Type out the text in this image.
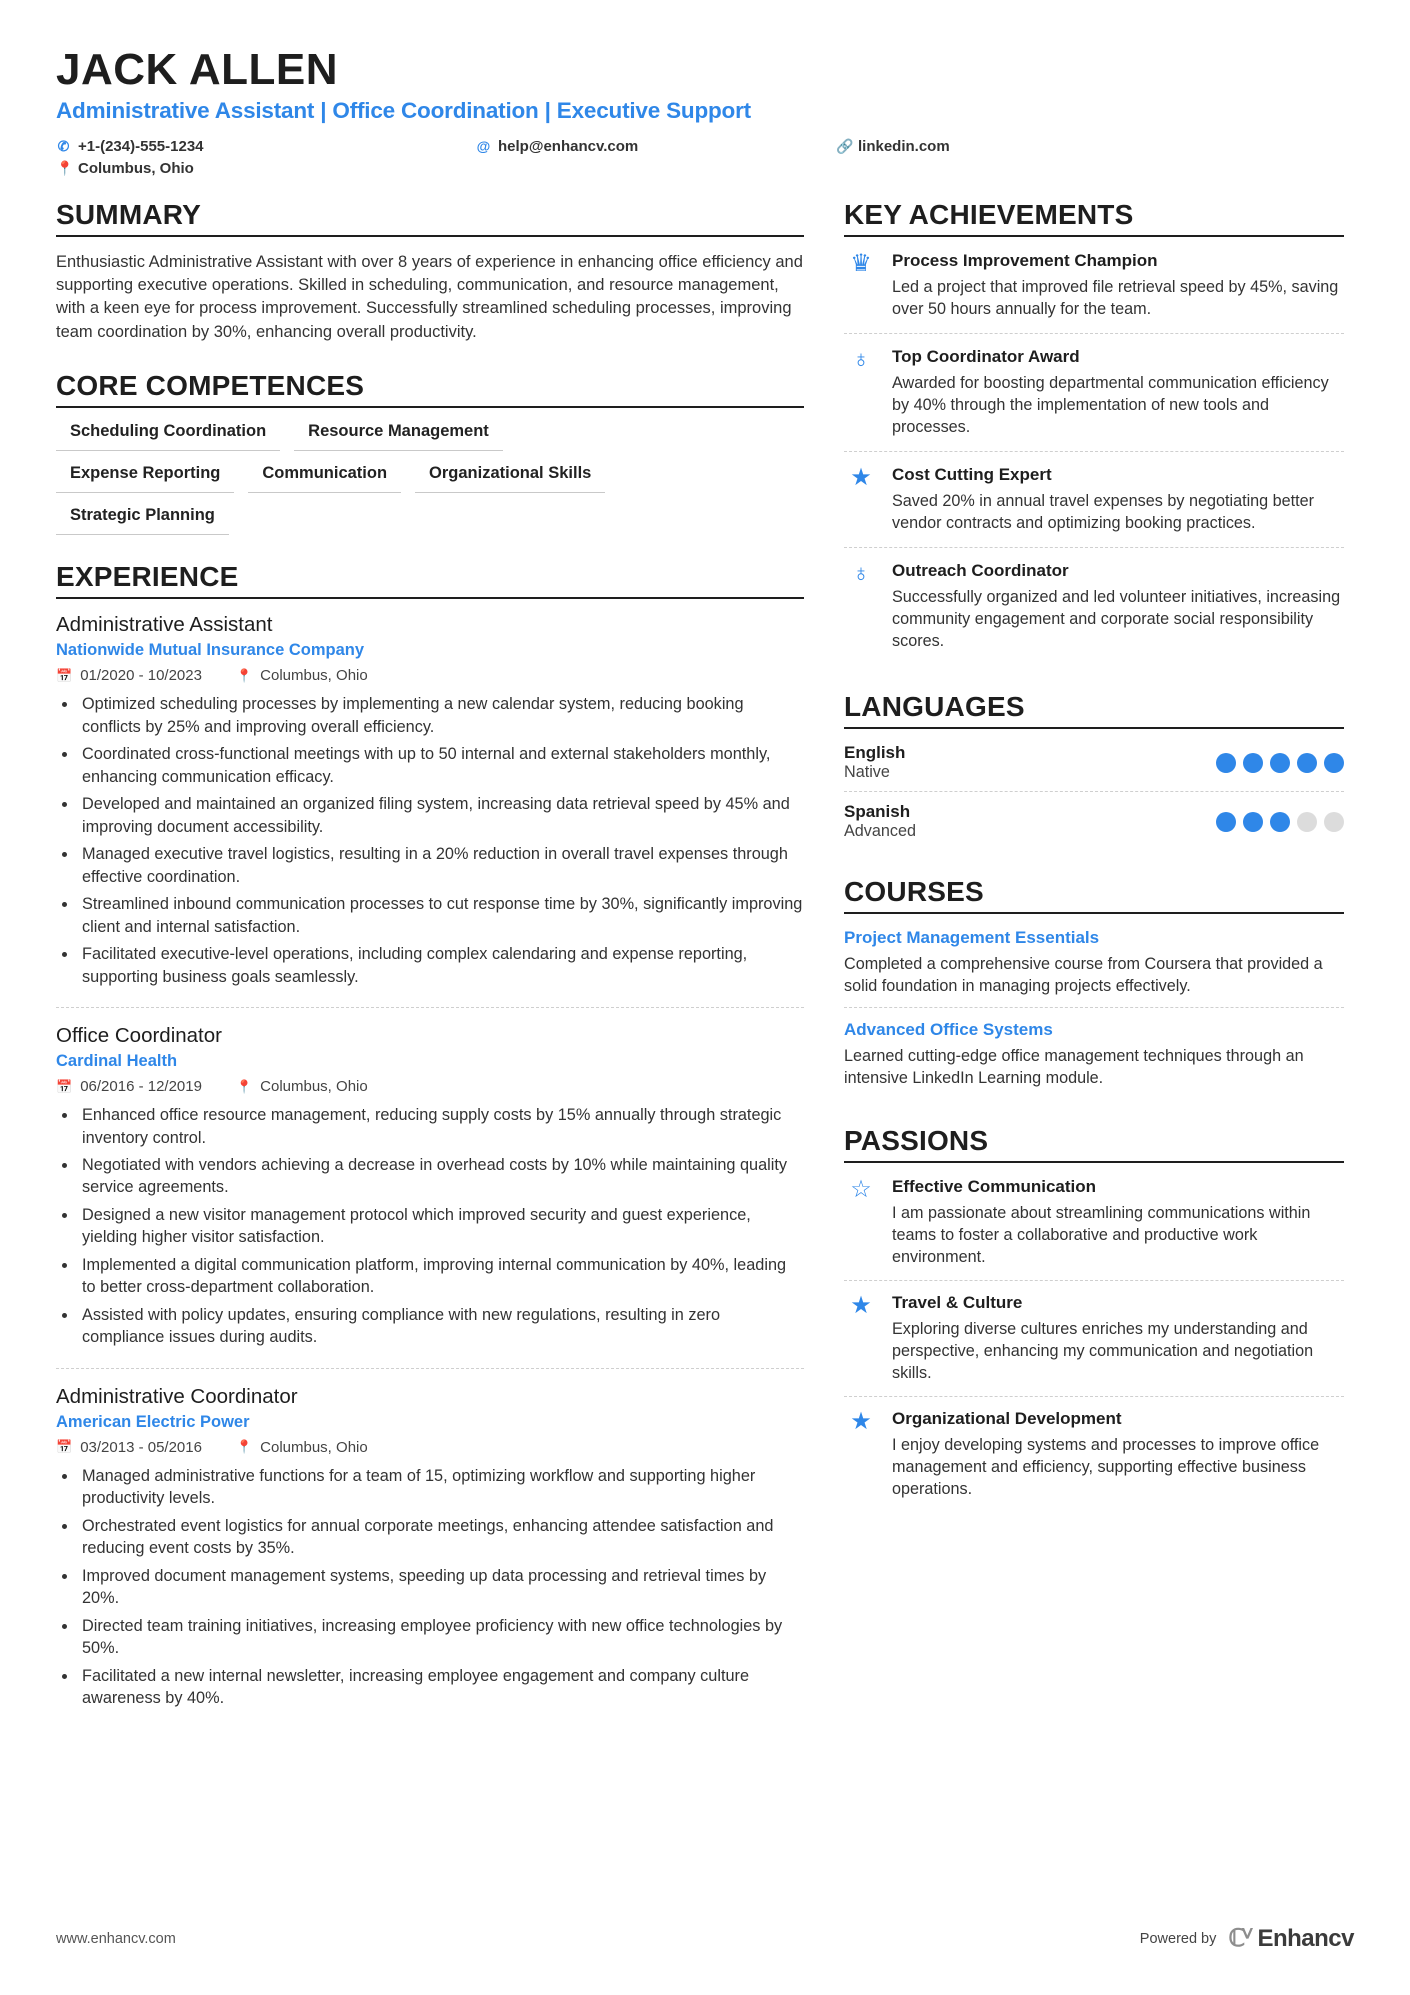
JACK ALLEN
Administrative Assistant | Office Coordination | Executive Support
✆ +1-(234)-555-1234	@ help@enhancv.com	🔗 linkedin.com
📍 Columbus, Ohio
SUMMARY
Enthusiastic Administrative Assistant with over 8 years of experience in enhancing office efficiency and supporting executive operations. Skilled in scheduling, communication, and resource management, with a keen eye for process improvement. Successfully streamlined scheduling processes, improving team coordination by 30%, enhancing overall productivity.
CORE COMPETENCES
Scheduling Coordination	Resource Management
Expense Reporting	Communication	Organizational Skills
Strategic Planning
EXPERIENCE
Administrative Assistant
Nationwide Mutual Insurance Company
📅 01/2020 - 10/2023	📍 Columbus, Ohio
• Optimized scheduling processes by implementing a new calendar system, reducing booking conflicts by 25% and improving overall efficiency.
• Coordinated cross-functional meetings with up to 50 internal and external stakeholders monthly, enhancing communication efficacy.
• Developed and maintained an organized filing system, increasing data retrieval speed by 45% and improving document accessibility.
• Managed executive travel logistics, resulting in a 20% reduction in overall travel expenses through effective coordination.
• Streamlined inbound communication processes to cut response time by 30%, significantly improving client and internal satisfaction.
• Facilitated executive-level operations, including complex calendaring and expense reporting, supporting business goals seamlessly.
Office Coordinator
Cardinal Health
📅 06/2016 - 12/2019	📍 Columbus, Ohio
• Enhanced office resource management, reducing supply costs by 15% annually through strategic inventory control.
• Negotiated with vendors achieving a decrease in overhead costs by 10% while maintaining quality service agreements.
• Designed a new visitor management protocol which improved security and guest experience, yielding higher visitor satisfaction.
• Implemented a digital communication platform, improving internal communication by 40%, leading to better cross-department collaboration.
• Assisted with policy updates, ensuring compliance with new regulations, resulting in zero compliance issues during audits.
Administrative Coordinator
American Electric Power
📅 03/2013 - 05/2016	📍 Columbus, Ohio
• Managed administrative functions for a team of 15, optimizing workflow and supporting higher productivity levels.
• Orchestrated event logistics for annual corporate meetings, enhancing attendee satisfaction and reducing event costs by 35%.
• Improved document management systems, speeding up data processing and retrieval times by 20%.
• Directed team training initiatives, increasing employee proficiency with new office technologies by 50%.
• Facilitated a new internal newsletter, increasing employee engagement and company culture awareness by 40%.
KEY ACHIEVEMENTS
♛	Process Improvement Champion
Led a project that improved file retrieval speed by 45%, saving over 50 hours annually for the team.
♁	Top Coordinator Award
Awarded for boosting departmental communication efficiency by 40% through the implementation of new tools and processes.
★	Cost Cutting Expert
Saved 20% in annual travel expenses by negotiating better vendor contracts and optimizing booking practices.
♁	Outreach Coordinator
Successfully organized and led volunteer initiatives, increasing community engagement and corporate social responsibility scores.
LANGUAGES
English
Native
Spanish
Advanced
COURSES
Project Management Essentials
Completed a comprehensive course from Coursera that provided a solid foundation in managing projects effectively.
Advanced Office Systems
Learned cutting-edge office management techniques through an intensive LinkedIn Learning module.
PASSIONS
☆	Effective Communication
I am passionate about streamlining communications within teams to foster a collaborative and productive work environment.
★	Travel & Culture
Exploring diverse cultures enriches my understanding and perspective, enhancing my communication and negotiation skills.
★	Organizational Development
I enjoy developing systems and processes to improve office management and efficiency, supporting effective business operations.
www.enhancv.com	Powered by ℂⱽ Enhancv
